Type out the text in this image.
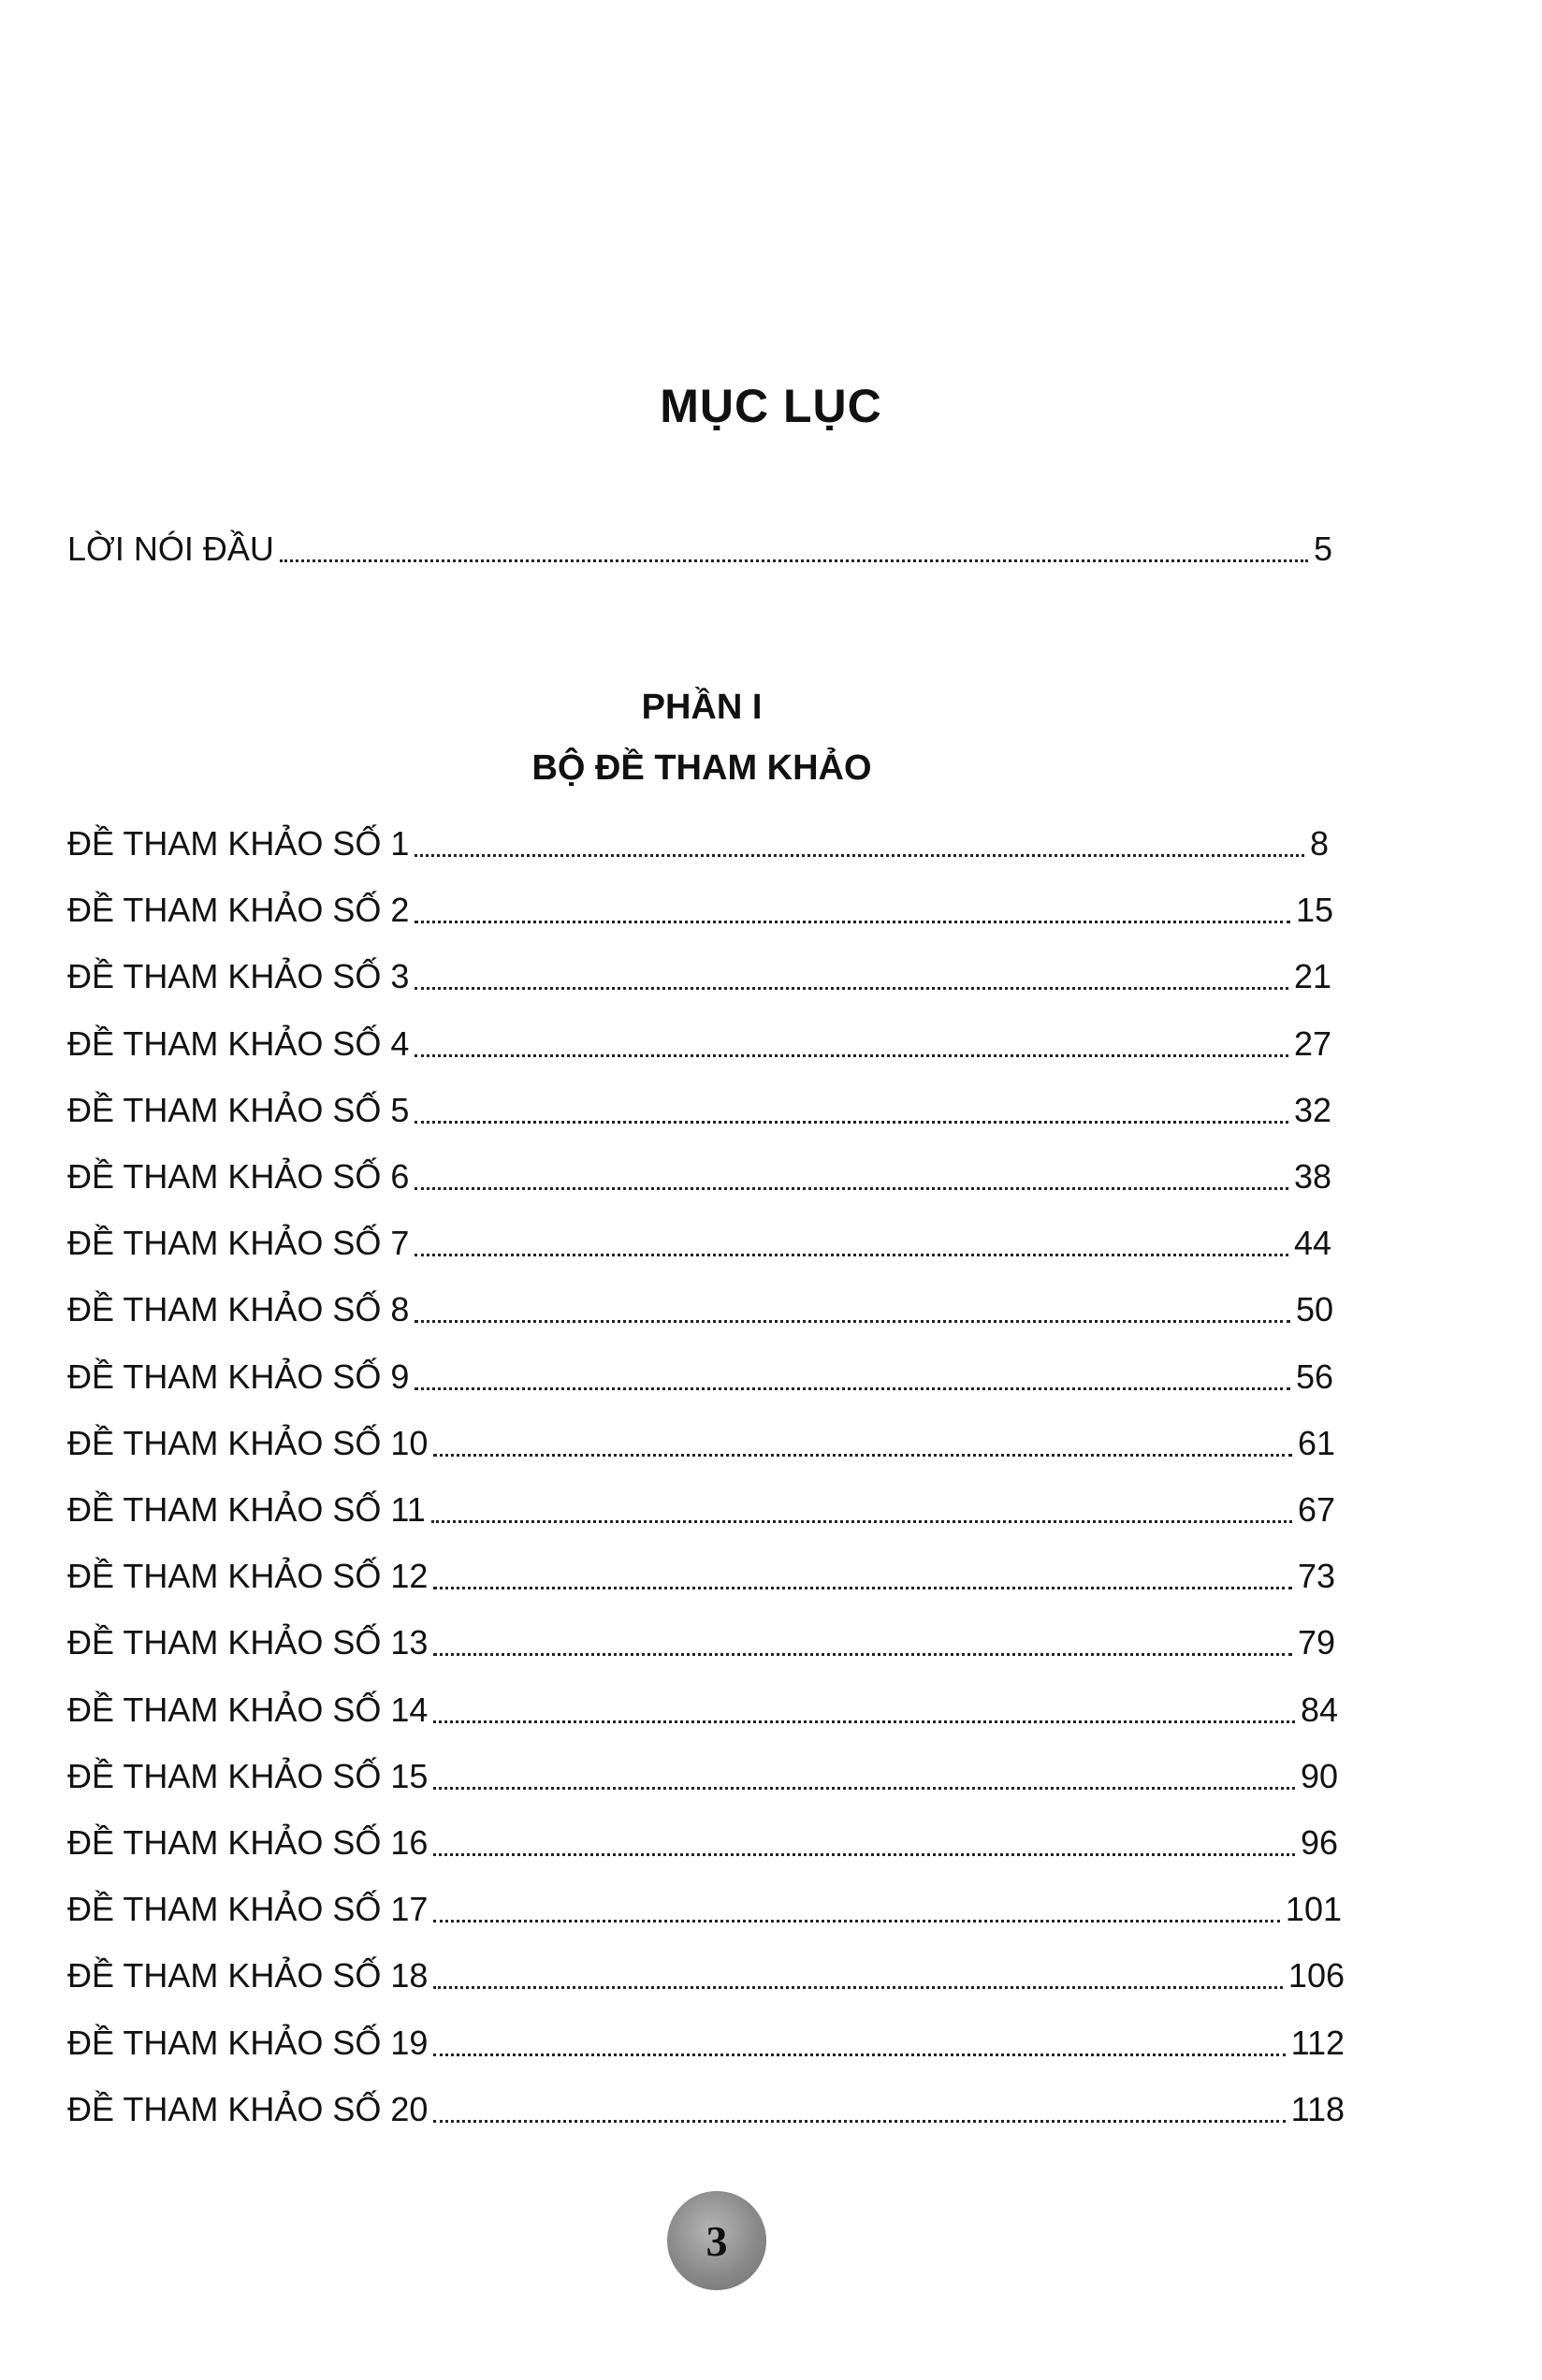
MỤC LỤC
LỜI NÓI ĐẦU	5
PHẦN I
BỘ ĐỀ THAM KHẢO
ĐỀ THAM KHẢO SỐ 1	8
ĐỀ THAM KHẢO SỐ 2	15
ĐỀ THAM KHẢO SỐ 3	21
ĐỀ THAM KHẢO SỐ 4	27
ĐỀ THAM KHẢO SỐ 5	32
ĐỀ THAM KHẢO SỐ 6	38
ĐỀ THAM KHẢO SỐ 7	44
ĐỀ THAM KHẢO SỐ 8	50
ĐỀ THAM KHẢO SỐ 9	56
ĐỀ THAM KHẢO SỐ 10	61
ĐỀ THAM KHẢO SỐ 11	67
ĐỀ THAM KHẢO SỐ 12	73
ĐỀ THAM KHẢO SỐ 13	79
ĐỀ THAM KHẢO SỐ 14	84
ĐỀ THAM KHẢO SỐ 15	90
ĐỀ THAM KHẢO SỐ 16	96
ĐỀ THAM KHẢO SỐ 17	101
ĐỀ THAM KHẢO SỐ 18	106
ĐỀ THAM KHẢO SỐ 19	112
ĐỀ THAM KHẢO SỐ 20	118
3
